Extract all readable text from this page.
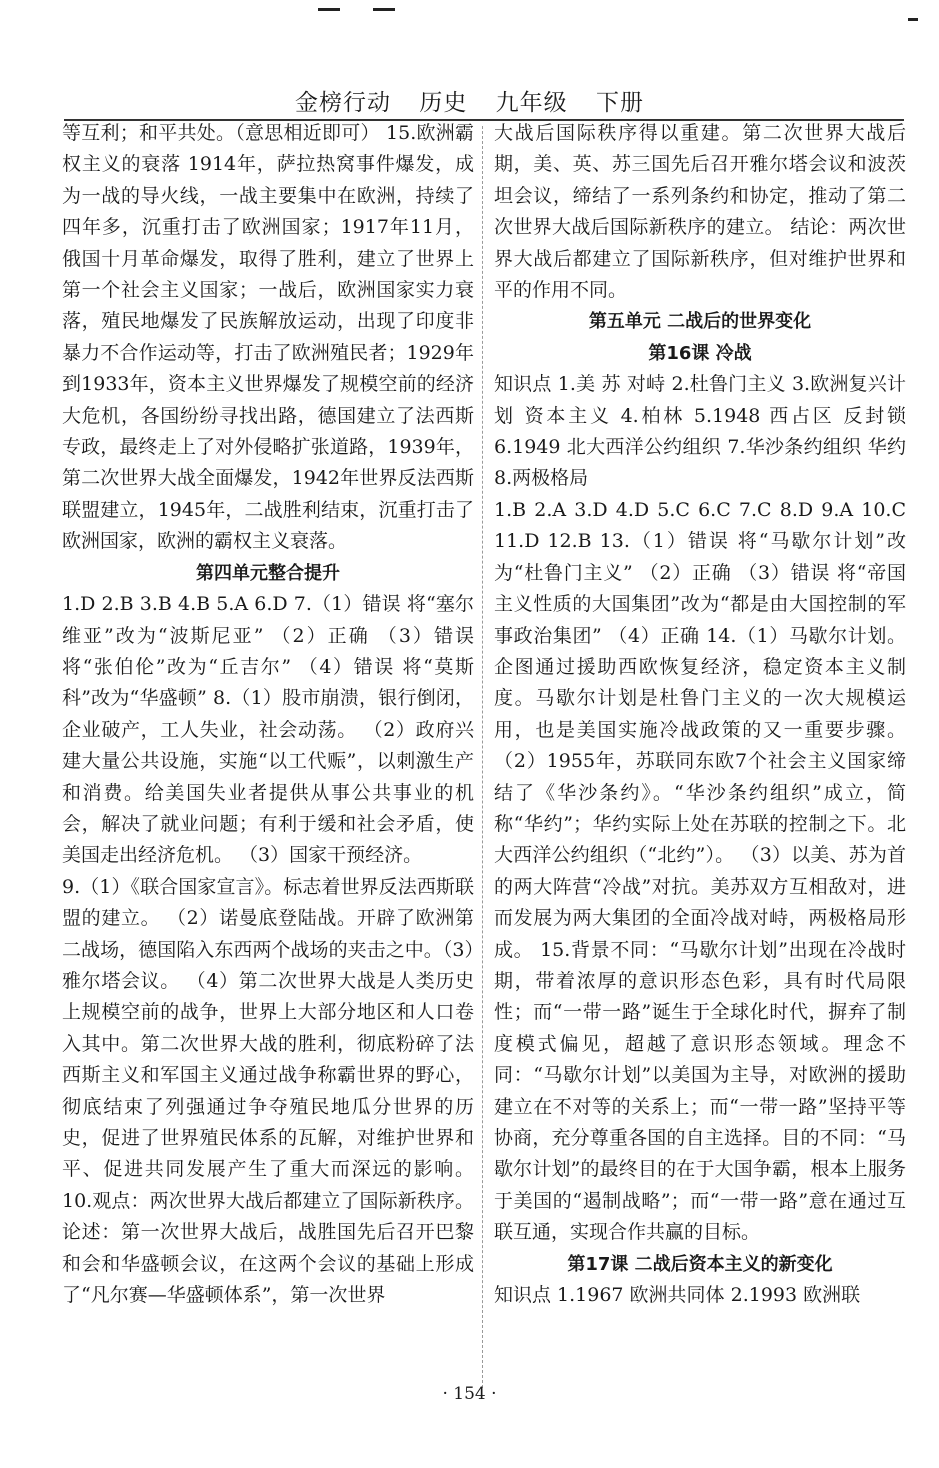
金榜行动 历史 九年级 下册

等互利；和平共处。（意思相近即可） 15.欧洲霸权主义的衰落 1914年，萨拉热窝事件爆发，成为一战的导火线，一战主要集中在欧洲，持续了四年多，沉重打击了欧洲国家；1917年11月，俄国十月革命爆发，取得了胜利，建立了世界上第一个社会主义国家；一战后，欧洲国家实力衰落，殖民地爆发了民族解放运动，出现了印度非暴力不合作运动等，打击了欧洲殖民者；1929年到1933年，资本主义世界爆发了规模空前的经济大危机，各国纷纷寻找出路，德国建立了法西斯专政，最终走上了对外侵略扩张道路，1939年，第二次世界大战全面爆发，1942年世界反法西斯联盟建立，1945年，二战胜利结束，沉重打击了欧洲国家，欧洲的霸权主义衰落。

第四单元整合提升

1.D 2.B 3.B 4.B 5.A 6.D 7.（1）错误 将“塞尔维亚”改为“波斯尼亚” （2）正确 （3）错误 将“张伯伦”改为“丘吉尔” （4）错误 将“莫斯科”改为“华盛顿” 8.（1）股市崩溃，银行倒闭，企业破产，工人失业，社会动荡。 （2）政府兴建大量公共设施，实施“以工代赈”，以刺激生产和消费。给美国失业者提供从事公共事业的机会，解决了就业问题；有利于缓和社会矛盾，使美国走出经济危机。 （3）国家干预经济。

9.（1）《联合国家宣言》。标志着世界反法西斯联盟的建立。 （2）诺曼底登陆战。开辟了欧洲第二战场，德国陷入东西两个战场的夹击之中。（3）雅尔塔会议。 （4）第二次世界大战是人类历史上规模空前的战争，世界上大部分地区和人口卷入其中。第二次世界大战的胜利，彻底粉碎了法西斯主义和军国主义通过战争称霸世界的野心，彻底结束了列强通过争夺殖民地瓜分世界的历史，促进了世界殖民体系的瓦解，对维护世界和平、促进共同发展产生了重大而深远的影响。 10.观点：两次世界大战后都建立了国际新秩序。 论述：第一次世界大战后，战胜国先后召开巴黎和会和华盛顿会议，在这两个会议的基础上形成了“凡尔赛—华盛顿体系”，第一次世界

大战后国际秩序得以重建。第二次世界大战后期，美、英、苏三国先后召开雅尔塔会议和波茨坦会议，缔结了一系列条约和协定，推动了第二次世界大战后国际新秩序的建立。 结论：两次世界大战后都建立了国际新秩序，但对维护世界和平的作用不同。

第五单元 二战后的世界变化

第16课 冷战

知识点 1.美 苏 对峙 2.杜鲁门主义 3.欧洲复兴计划 资本主义 4.柏林 5.1948 西占区 反封锁 6.1949 北大西洋公约组织 7.华沙条约组织 华约 8.两极格局

1.B 2.A 3.D 4.D 5.C 6.C 7.C 8.D 9.A 10.C 11.D 12.B 13.（1）错误 将“马歇尔计划”改为“杜鲁门主义” （2）正确 （3）错误 将“帝国主义性质的大国集团”改为“都是由大国控制的军事政治集团” （4）正确 14.（1）马歇尔计划。企图通过援助西欧恢复经济，稳定资本主义制度。马歇尔计划是杜鲁门主义的一次大规模运用，也是美国实施冷战政策的又一重要步骤。 （2）1955年，苏联同东欧7个社会主义国家缔结了《华沙条约》。“华沙条约组织”成立，简称“华约”；华约实际上处在苏联的控制之下。北大西洋公约组织（“北约”）。 （3）以美、苏为首的两大阵营“冷战”对抗。美苏双方互相敌对，进而发展为两大集团的全面冷战对峙，两极格局形成。 15.背景不同：“马歇尔计划”出现在冷战时期，带着浓厚的意识形态色彩，具有时代局限性；而“一带一路”诞生于全球化时代，摒弃了制度模式偏见，超越了意识形态领域。理念不同：“马歇尔计划”以美国为主导，对欧洲的援助建立在不对等的关系上；而“一带一路”坚持平等协商，充分尊重各国的自主选择。目的不同：“马歇尔计划”的最终目的在于大国争霸，根本上服务于美国的“遏制战略”；而“一带一路”意在通过互联互通，实现合作共赢的目标。

第17课 二战后资本主义的新变化

知识点 1.1967 欧洲共同体 2.1993 欧洲联

· 154 ·
